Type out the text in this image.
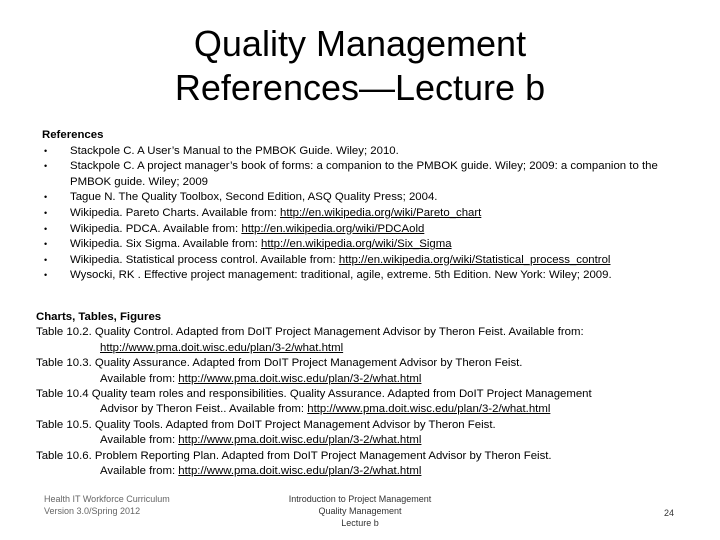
Quality Management
References—Lecture b
References
• Stackpole C. A User’s Manual to the PMBOK Guide. Wiley; 2010.
• Stackpole C. A project manager’s book of forms: a companion to the PMBOK guide. Wiley; 2009: a companion to the PMBOK guide. Wiley; 2009
• Tague N. The Quality Toolbox, Second Edition, ASQ Quality Press; 2004.
• Wikipedia. Pareto Charts. Available from: http://en.wikipedia.org/wiki/Pareto_chart
• Wikipedia. PDCA. Available from: http://en.wikipedia.org/wiki/PDCAold
• Wikipedia. Six Sigma. Available from: http://en.wikipedia.org/wiki/Six_Sigma
• Wikipedia. Statistical process control. Available from: http://en.wikipedia.org/wiki/Statistical_process_control
• Wysocki, RK . Effective project management: traditional, agile, extreme. 5th Edition. New York: Wiley; 2009.
Charts, Tables, Figures
Table 10.2. Quality Control. Adapted from DoIT Project Management Advisor by Theron Feist. Available from:
http://www.pma.doit.wisc.edu/plan/3-2/what.html
Table 10.3. Quality Assurance. Adapted from DoIT Project Management Advisor by Theron Feist.
Available from: http://www.pma.doit.wisc.edu/plan/3-2/what.html
Table 10.4 Quality team roles and responsibilities. Quality Assurance. Adapted from DoIT Project Management
Advisor by Theron Feist.. Available from: http://www.pma.doit.wisc.edu/plan/3-2/what.html
Table 10.5. Quality Tools. Adapted from DoIT Project Management Advisor by Theron Feist.
Available from: http://www.pma.doit.wisc.edu/plan/3-2/what.html
Table 10.6. Problem Reporting Plan. Adapted from DoIT Project Management Advisor by Theron Feist.
Available from: http://www.pma.doit.wisc.edu/plan/3-2/what.html
Health IT Workforce Curriculum
Version 3.0/Spring 2012
Introduction to Project Management
Quality Management
Lecture b
24
